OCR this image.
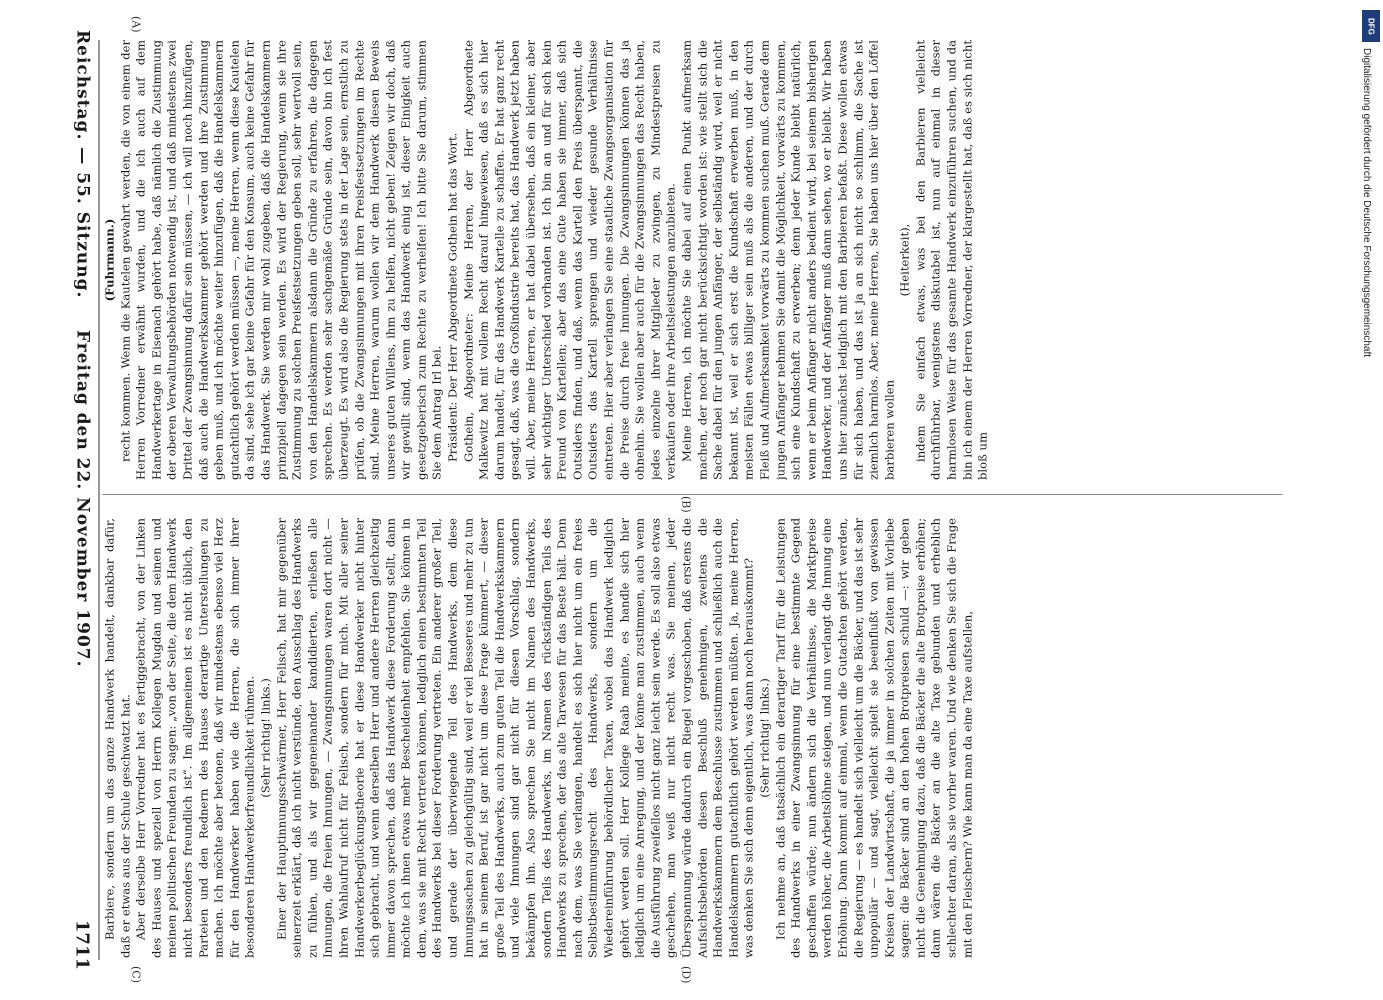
Reichstag. — 55. Sitzung.
Freitag den 22. November 1907.
1711
(A)
(B)
(C)	(D)

(Fuhrmann.) recht kommen. Wenn die Kautelen gewahrt werden, die von einem der Herren Vorredner erwähnt wurden, und die ich auch auf dem Handwerkertage in Eisenach gehört habe, daß nämlich die Zustimmung der oberen Verwaltungsbehörden notwendig ist, und daß mindestens zwei Drittel der Zwangsinnung dafür sein müssen, — ich will noch hinzufügen, daß auch die Handwerkskammer gehört werden und ihre Zustimmung geben muß, und ich möchte weiter hinzufügen, daß die Handelskammern gutachtlich gehört werden müssen —, meine Herren, wenn diese Kautelen da sind, sehe ich gar keine Gefahr für den Konsum, auch keine Gefahr für das Handwerk. Sie werden mir wohl zugeben, daß die Handelskammern prinzipiell dagegen sein werden. Es wird der Regierung, wenn sie ihre Zustimmung zu solchen Preisfestsetzungen geben soll, sehr wertvoll sein, von den Handelskammern alsdann die Gründe zu erfahren, die dagegen sprechen. Es werden sehr sachgemäße Gründe sein, davon bin ich fest überzeugt. Es wird also die Regierung stets in der Lage sein, ernstlich zu prüfen, ob die Zwangsinnungen mit ihren Preisfestsetzungen im Rechte sind. Meine Herren, warum wollen wir dem Handwerk diesen Beweis unseres guten Willens, ihm zu helfen, nicht geben! Zeigen wir doch, daß wir gewillt sind, wenn das Handwerk einig ist, dieser Einigkeit auch gesetzgeberisch zum Rechte zu verhelfen! Ich bitte Sie darum, stimmen Sie dem Antrag Irl bei. Präsident: Der Herr Abgeordnete Gothein hat das Wort. Gothein, Abgeordneter: Meine Herren, der Herr Abgeordnete Malkewitz hat mit vollem Recht darauf hingewiesen, daß es sich hier darum handelt, für das Handwerk Kartelle zu schaffen. Er hat ganz recht gesagt, daß, was die Großindustrie bereits hat, das Handwerk jetzt haben will. Aber, meine Herren, er hat dabei übersehen, daß ein kleiner, aber sehr wichtiger Unterschied vorhanden ist. Ich bin an und für sich kein Freund von Kartellen; aber das eine Gute haben sie immer, daß sich Outsiders finden, und daß, wenn das Kartell den Preis überspannt, die Outsiders das Kartell sprengen und wieder gesunde Verhältnisse eintreten. Hier aber verlangen Sie eine staatliche Zwangsorganisation für die Preise durch freie Innungen. Die Zwangsinnungen können das ja ohnehin. Sie wollen aber auch für die Zwangsinnungen das Recht haben, jedes einzelne ihrer Mitglieder zu zwingen, zu Mindestpreisen zu verkaufen oder ihre Arbeitsleistungen anzubieten. Meine Herren, ich möchte Sie dabei auf einen Punkt aufmerksam machen, der noch gar nicht berücksichtigt worden ist: wie stellt sich die Sache dabei für den jungen Anfänger, der selbständig wird, weil er nicht bekannt ist, weil er sich erst die Kundschaft erwerben muß, in den meisten Fällen etwas billiger sein muß als die anderen, und der durch Fleiß und Aufmerksamkeit vorwärts zu kommen suchen muß. Gerade dem jungen Anfänger nehmen Sie damit die Möglichkeit, vorwärts zu kommen, sich eine Kundschaft zu erwerben; denn jeder Kunde bleibt natürlich, wenn er beim Anfänger nicht anders bedient wird, bei seinem bisherigen Handwerker, und der Anfänger muß dann sehen, wo er bleibt. Wir haben uns hier zunächst lediglich mit den Barbieren befaßt. Diese wollen etwas für sich haben, und das ist ja an sich nicht so schlimm, die Sache ist ziemlich harmlos. Aber, meine Herren, Sie haben uns hier über den Löffel barbieren wollen

(Heiterkeit), indem Sie einfach etwas, was bei den Barbieren vielleicht durchführbar, wenigstens diskutabel ist, nun auf einmal in dieser harmlosen Weise für das gesamte Handwerk einzuführen suchen, und da bin ich einem der Herren Vorredner, der klargestellt hat, daß es sich nicht bloß um

Barbiere, sondern um das ganze Handwerk handelt, dankbar dafür, daß er etwas aus der Schule geschwatzt hat. Aber derselbe Herr Vorredner hat es fertiggebracht, von der Linken des Hauses und speziell von Herrn Kollegen Mugdan und seinen und meinen politischen Freunden zu sagen: „von der Seite, die dem Handwerk nicht besonders freundlich ist“. Im allgemeinen ist es nicht üblich, den Parteien und den Rednern des Hauses derartige Unterstellungen zu machen. Ich möchte aber betonen, daß wir mindestens ebenso viel Herz für den Handwerker haben wie die Herren, die sich immer ihrer besonderen Handwerkerfreundlichkeit rühmen. (Sehr richtig! links.) Einer der Hauptinnungsschwärmer, Herr Felisch, hat mir gegenüber seinerzeit erklärt, daß ich nicht verstünde, den Ausschlag des Handwerks zu fühlen, und als wir gegeneinander kandidierten, erließen alle Innungen, die freien Innungen, — Zwangsinnungen waren dort nicht — ihren Wahlaufruf nicht für Felisch, sondern für mich. Mit aller seiner Handwerkerbeglückungstheorie hat er diese Handwerker nicht hinter sich gebracht, und wenn derselben Herr und andere Herren gleichzeitig immer davon sprechen, daß das Handwerk diese Forderung stellt, dann möchte ich ihnen etwas mehr Bescheidenheit empfehlen. Sie können in dem, was sie mit Recht vertreten können, lediglich einen bestimmten Teil des Handwerks bei dieser Forderung vertreten. Ein anderer großer Teil, und gerade der überwiegende Teil des Handwerks, dem diese Innungssachen zu gleichgültig sind, weil er viel Besseres und mehr zu tun hat in seinem Beruf, ist gar nicht um diese Frage kümmert, — dieser große Teil des Handwerks, auch zum guten Teil die Handwerkskammern und viele Innungen sind gar nicht für diesen Vorschlag, sondern bekämpfen ihn. Also sprechen Sie nicht im Namen des Handwerks, sondern Teils des Handwerks, im Namen des rückständigen Teils des Handwerks zu sprechen, der das alte Tarwesen für das Beste hält. Denn nach dem, was Sie verlangen, handelt es sich hier nicht um ein freies Selbstbestimmungsrecht des Handwerks, sondern um die Wiedereinführung behördlicher Taxen, wobei das Handwerk lediglich gehört werden soll. Herr Kollege Raab meinte, es handle sich hier lediglich um eine Anregung, und der könne man zustimmen, auch wenn die Ausführung zweifellos nicht ganz leicht sein werde. Es soll also etwas geschehen, man weiß nur nicht recht was. Sie meinen, jeder Überspannung würde dadurch ein Riegel vorgeschoben, daß erstens die Aufsichtsbehörden diesen Beschluß genehmigen, zweitens die Handwerkskammern dem Beschlusse zustimmen und schließlich auch die Handelskammern gutachtlich gehört werden müßten. Ja, meine Herren, was denken Sie sich denn eigentlich, was dann noch herauskommt? (Sehr richtig! links.) Ich nehme an, daß tatsächlich ein derartiger Tarif für die Leistungen des Handwerks in einer Zwangsinnung für eine bestimmte Gegend geschaffen würde; nun ändern sich die Verhältnisse, die Marktpreise werden höher, die Arbeitslöhne steigen, und nun verlangt die Innung eine Erhöhung. Dann kommt auf einmal, wenn die Gutachten gehört werden, die Regierung — es handelt sich vielleicht um die Bäcker, und das ist sehr unpopulär — und sagt, vielleicht spielt sie beeinflußt von gewissen Kreisen der Landwirtschaft, die ja immer in solchen Zeiten mit Vorliebe sagen: die Bäcker sind an den hohen Brotpreisen schuld —: wir geben nicht die Genehmigung dazu, daß die Bäcker die alte Brotpreise erhöhen; dann wären die Bäcker an die alte Taxe gebunden und erheblich schlechter daran, als sie vorher waren. Und wie denken Sie sich die Frage mit den Fleischern? Wie kann man da eine Taxe aufstellen,

DFG
Digitalisierung gefördert durch die Deutsche Forschungsgemeinschaft
